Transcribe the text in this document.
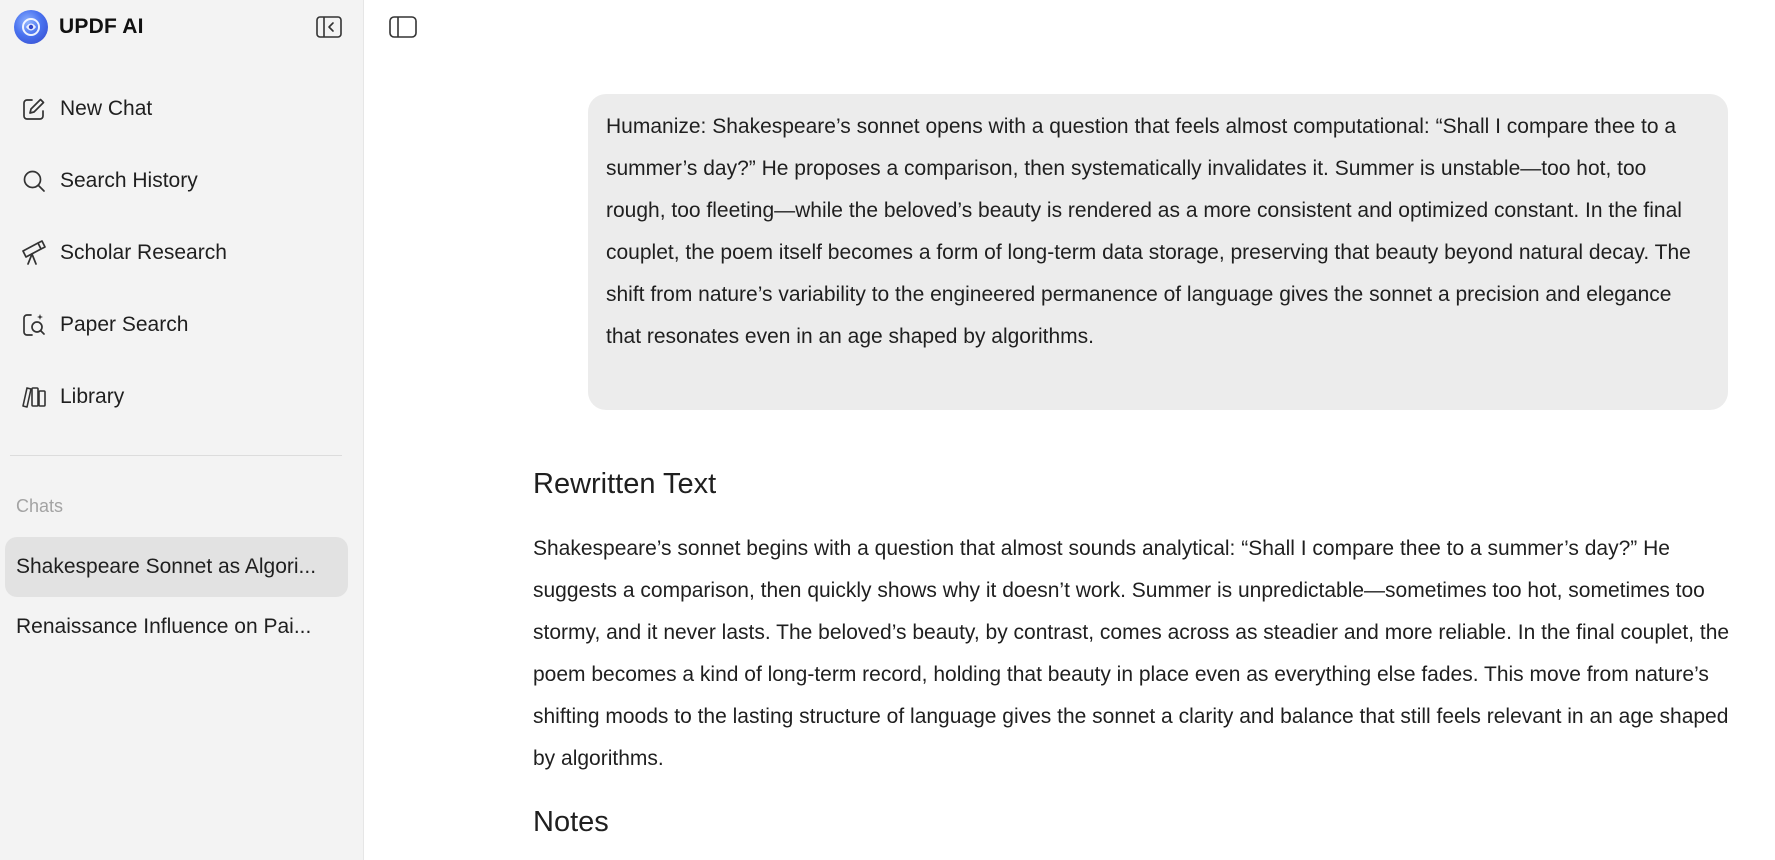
UPDF AI
New Chat
Search History
Scholar Research
Paper Search
Library
Chats
Shakespeare Sonnet as Algori...
Renaissance Influence on Pai...
Humanize: Shakespeare’s sonnet opens with a question that feels almost computational: “Shall I compare thee to a summer’s day?” He proposes a comparison, then systematically invalidates it. Summer is unstable—too hot, too rough, too fleeting—while the beloved’s beauty is rendered as a more consistent and optimized constant. In the final couplet, the poem itself becomes a form of long-term data storage, preserving that beauty beyond natural decay. The shift from nature’s variability to the engineered permanence of language gives the sonnet a precision and elegance that resonates even in an age shaped by algorithms.
Rewritten Text

Shakespeare’s sonnet begins with a question that almost sounds analytical: “Shall I compare thee to a summer’s day?” He suggests a comparison, then quickly shows why it doesn’t work. Summer is unpredictable—sometimes too hot, sometimes too stormy, and it never lasts. The beloved’s beauty, by contrast, comes across as steadier and more reliable. In the final couplet, the poem becomes a kind of long-term record, holding that beauty in place even as everything else fades. This move from nature’s shifting moods to the lasting structure of language gives the sonnet a clarity and balance that still feels relevant in an age shaped by algorithms.

Notes
